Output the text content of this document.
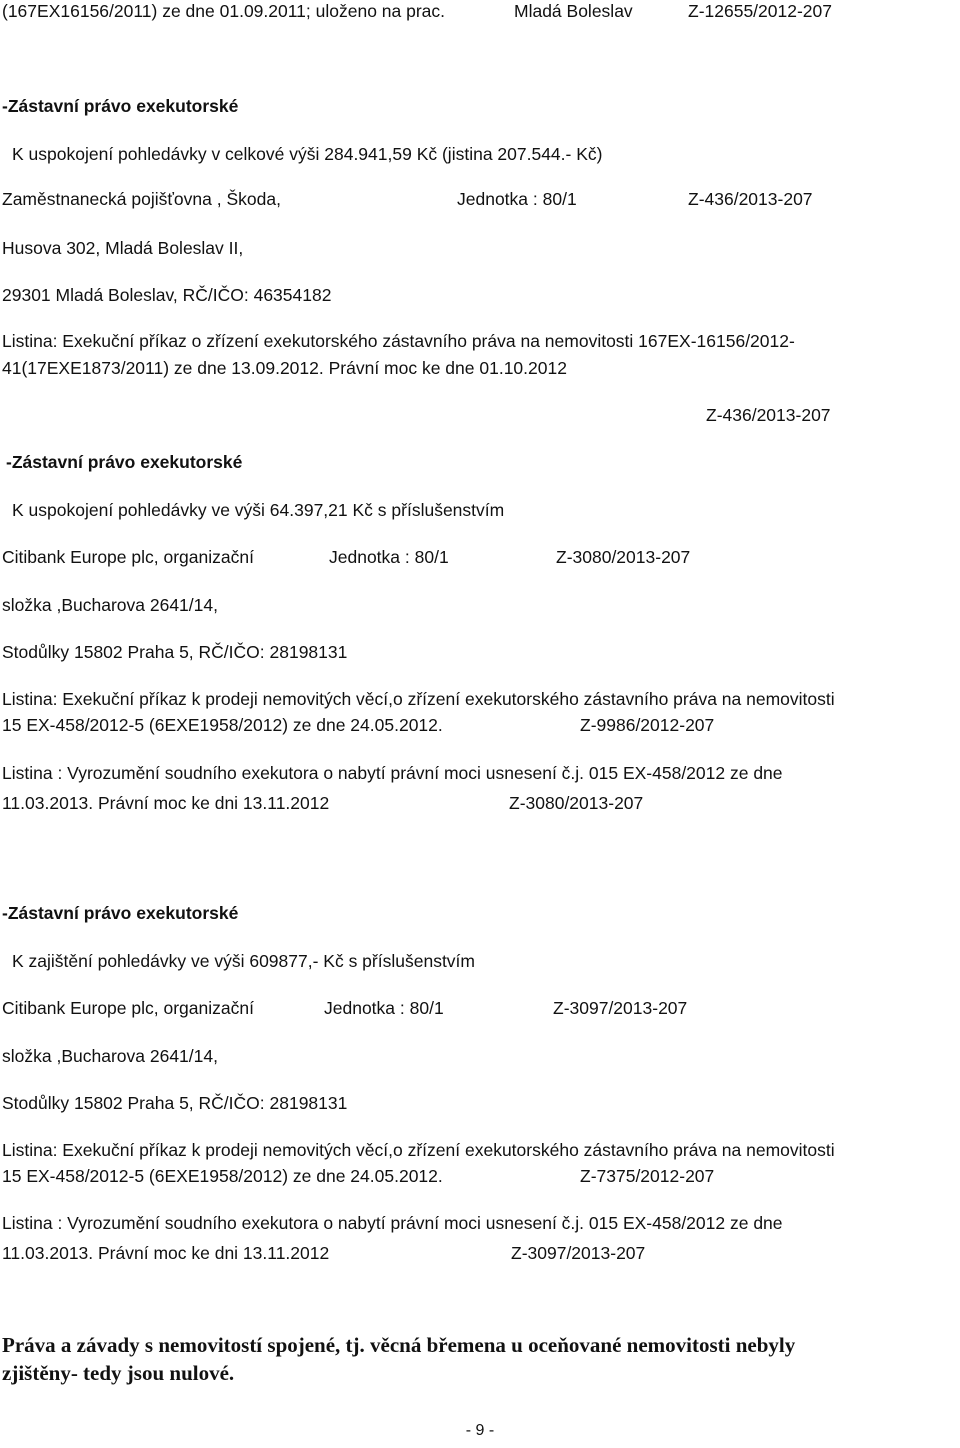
(167EX16156/2011) ze dne 01.09.2011; uloženo na prac.	Mladá Boleslav	Z-12655/2012-207
-Zástavní právo exekutorské
K uspokojení pohledávky v celkové výši 284.941,59 Kč (jistina 207.544.- Kč)
Zaměstnanecká pojišťovna , Škoda,	Jednotka : 80/1	Z-436/2013-207
Husova 302, Mladá Boleslav II,
29301 Mladá Boleslav, RČ/IČO: 46354182
Listina: Exekuční příkaz o zřízení exekutorského zástavního práva na nemovitosti 167EX-16156/2012-
41(17EXE1873/2011) ze dne 13.09.2012. Právní moc ke dne 01.10.2012
Z-436/2013-207
-Zástavní právo exekutorské
K uspokojení pohledávky ve výši 64.397,21 Kč s příslušenstvím
Citibank Europe plc, organizační	Jednotka : 80/1	Z-3080/2013-207
složka ,Bucharova 2641/14,
Stodůlky 15802 Praha 5, RČ/IČO: 28198131
Listina: Exekuční příkaz k prodeji nemovitých věcí,o zřízení exekutorského zástavního práva na nemovitosti
15 EX-458/2012-5 (6EXE1958/2012) ze dne 24.05.2012.	Z-9986/2012-207
Listina : Vyrozumění soudního exekutora o nabytí právní moci usnesení č.j. 015 EX-458/2012 ze dne
11.03.2013. Právní moc ke dni 13.11.2012	Z-3080/2013-207
-Zástavní právo exekutorské
K zajištění pohledávky ve výši 609877,- Kč s příslušenstvím
Citibank Europe plc, organizační	Jednotka : 80/1	Z-3097/2013-207
složka ,Bucharova 2641/14,
Stodůlky 15802 Praha 5, RČ/IČO: 28198131
Listina: Exekuční příkaz k prodeji nemovitých věcí,o zřízení exekutorského zástavního práva na nemovitosti
15 EX-458/2012-5 (6EXE1958/2012) ze dne 24.05.2012.	Z-7375/2012-207
Listina : Vyrozumění soudního exekutora o nabytí právní moci usnesení č.j. 015 EX-458/2012 ze dne
11.03.2013. Právní moc ke dni 13.11.2012	Z-3097/2013-207
Práva a závady s nemovitostí spojené, tj. věcná břemena u oceňované nemovitosti nebyly
zjištěny- tedy jsou nulové.
- 9 -
